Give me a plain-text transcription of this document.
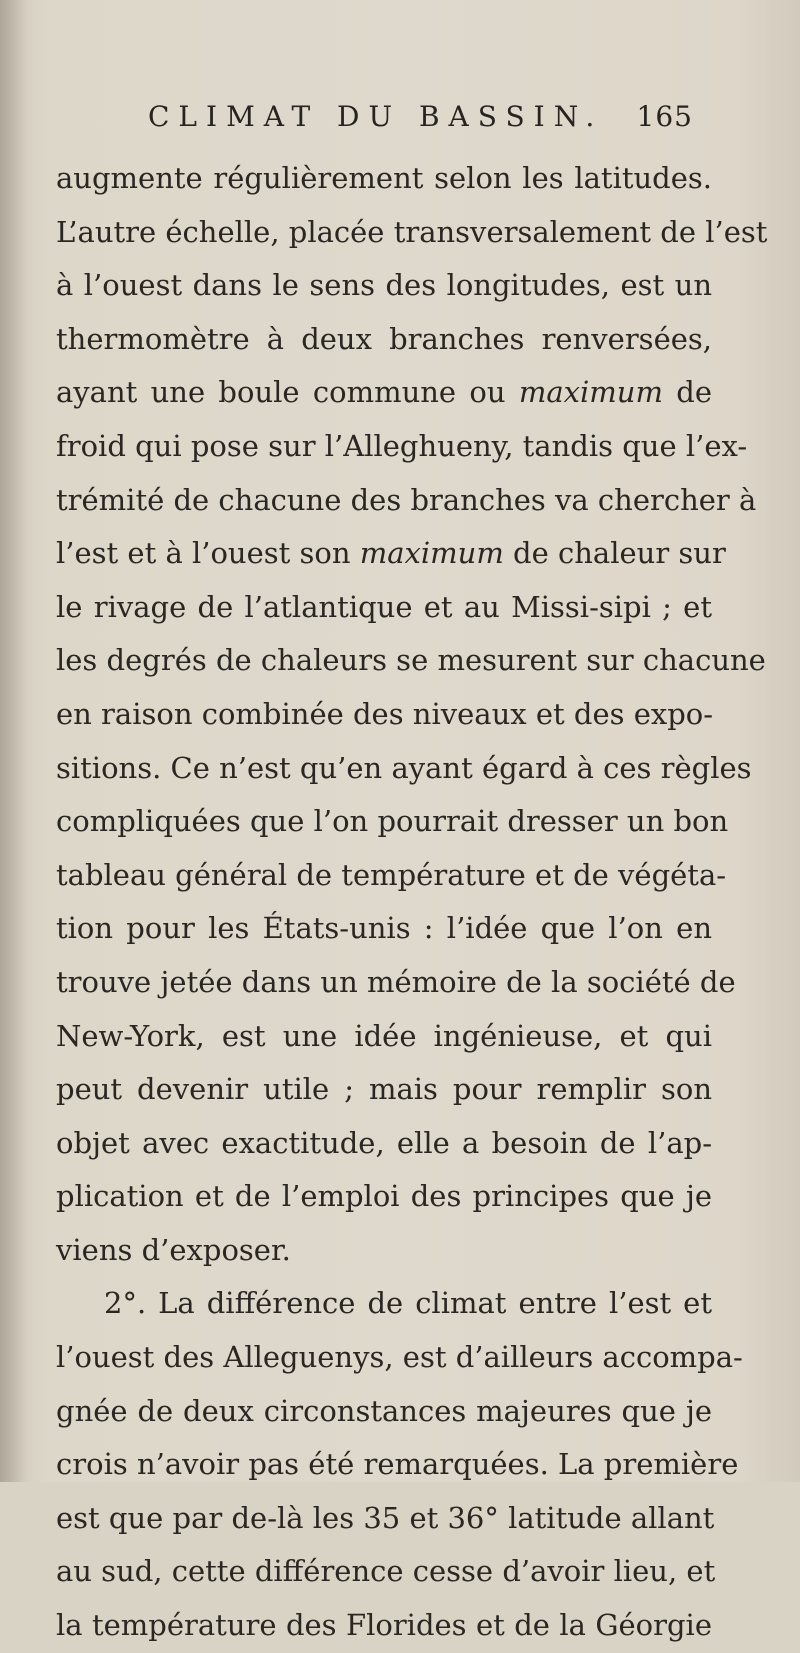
CLIMAT DU BASSIN. 165
augmente régulièrement selon les latitudes.
L’autre échelle, placée transversalement de l’est
à l’ouest dans le sens des longitudes, est un
thermomètre à deux branches renversées,
ayant une boule commune ou maximum de
froid qui pose sur l’Alleghueny, tandis que l’ex-
trémité de chacune des branches va chercher à
l’est et à l’ouest son maximum de chaleur sur
le rivage de l’atlantique et au Missi-sipi ; et
les degrés de chaleurs se mesurent sur chacune
en raison combinée des niveaux et des expo-
sitions. Ce n’est qu’en ayant égard à ces règles
compliquées que l’on pourrait dresser un bon
tableau général de température et de végéta-
tion pour les États-unis : l’idée que l’on en
trouve jetée dans un mémoire de la société de
New-York, est une idée ingénieuse, et qui
peut devenir utile ; mais pour remplir son
objet avec exactitude, elle a besoin de l’ap-
plication et de l’emploi des principes que je
viens d’exposer.
2°. La différence de climat entre l’est et
l’ouest des Alleguenys, est d’ailleurs accompa-
gnée de deux circonstances majeures que je
crois n’avoir pas été remarquées. La première
est que par de-là les 35 et 36° latitude allant
au sud, cette différence cesse d’avoir lieu, et
la température des Florides et de la Géorgie
